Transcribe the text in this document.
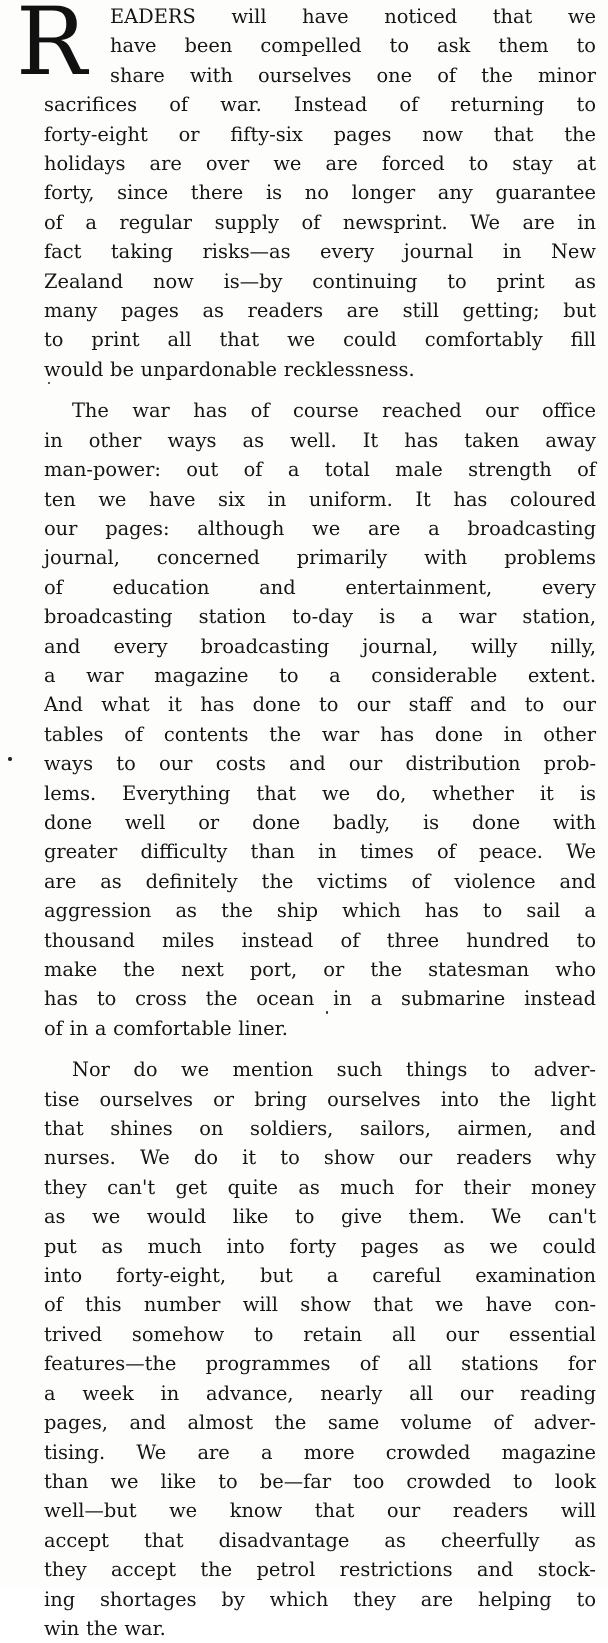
R EADERS will have noticed that we
have been compelled to ask them to
share with ourselves one of the minor

sacrifices of war. Instead of returning to
forty-eight or fifty-six pages now that the
holidays are over we are forced to stay at
forty, since there is no longer any guarantee
of a regular supply of newsprint. We are in
fact taking risks—as every journal in New
Zealand now is—by continuing to print as
many pages as readers are still getting; but
to print all that we could comfortably fill
would be unpardonable recklessness.

The war has of course reached our office
in other ways as well. It has taken away
man-power: out of a total male strength of
ten we have six in uniform. It has coloured
our pages: although we are a broadcasting
journal, concerned primarily with problems
of education and entertainment, every
broadcasting station to-day is a war station,
and every broadcasting journal, willy nilly,
a war magazine to a considerable extent.
And what it has done to our staff and to our
tables of contents the war has done in other
ways to our costs and our distribution prob-
lems. Everything that we do, whether it is
done well or done badly, is done with
greater difficulty than in times of peace. We
are as definitely the victims of violence and
aggression as the ship which has to sail a
thousand miles instead of three hundred to
make the next port, or the statesman who
has to cross the ocean in a submarine instead
of in a comfortable liner.

Nor do we mention such things to adver-
tise ourselves or bring ourselves into the light
that shines on soldiers, sailors, airmen, and
nurses. We do it to show our readers why
they can't get quite as much for their money
as we would like to give them. We can't
put as much into forty pages as we could
into forty-eight, but a careful examination
of this number will show that we have con-
trived somehow to retain all our essential
features—the programmes of all stations for
a week in advance, nearly all our reading
pages, and almost the same volume of adver-
tising. We are a more crowded magazine
than we like to be—far too crowded to look
well—but we know that our readers will
accept that disadvantage as cheerfully as
they accept the petrol restrictions and stock-
ing shortages by which they are helping to
win the war.
